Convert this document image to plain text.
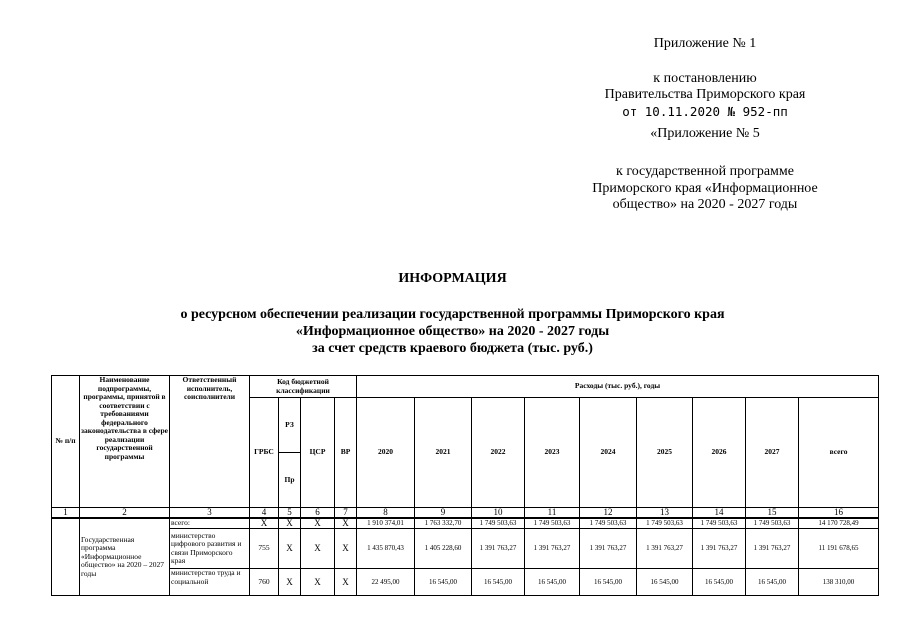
Приложение № 1
к постановлению
Правительства Приморского края
от 10.11.2020 № 952-пп
«Приложение № 5
к государственной программе
Приморского края «Информационное
общество» на 2020 - 2027 годы
ИНФОРМАЦИЯ
о ресурсном обеспечении реализации государственной программы Приморского края
«Информационное общество» на 2020 - 2027 годы
за счет средств краевого бюджета (тыс. руб.)
№ п/п	Наименование подпрограммы, программы, принятой в соответствии с требованиями федерального законодательства в сфере реализации государственной программы	Ответственный исполнитель, соисполнители	Код бюджетной классификации				Расходы (тыс. руб.), годы								
			ГРБС	РЗ	ЦСР	ВР	2020	2021	2022	2023	2024	2025	2026	2027	всего
				Пр											
1	2	3	4	5	6	7	8	9	10	11	12	13	14	15	16
	Государственная программа «Информационное общество» на 2020 – 2027 годы	всего:	X	X	X	X	1 910 374,01	1 763 332,70	1 749 503,63	1 749 503,63	1 749 503,63	1 749 503,63	1 749 503,63	1 749 503,63	14 170 728,49
		министерство цифрового развития и связи Приморского края	755	X	X	X	1 435 870,43	1 405 228,60	1 391 763,27	1 391 763,27	1 391 763,27	1 391 763,27	1 391 763,27	1 391 763,27	11 191 678,65
		министерство труда и социальной	760	X	X	X	22 495,00	16 545,00	16 545,00	16 545,00	16 545,00	16 545,00	16 545,00	16 545,00	138 310,00
